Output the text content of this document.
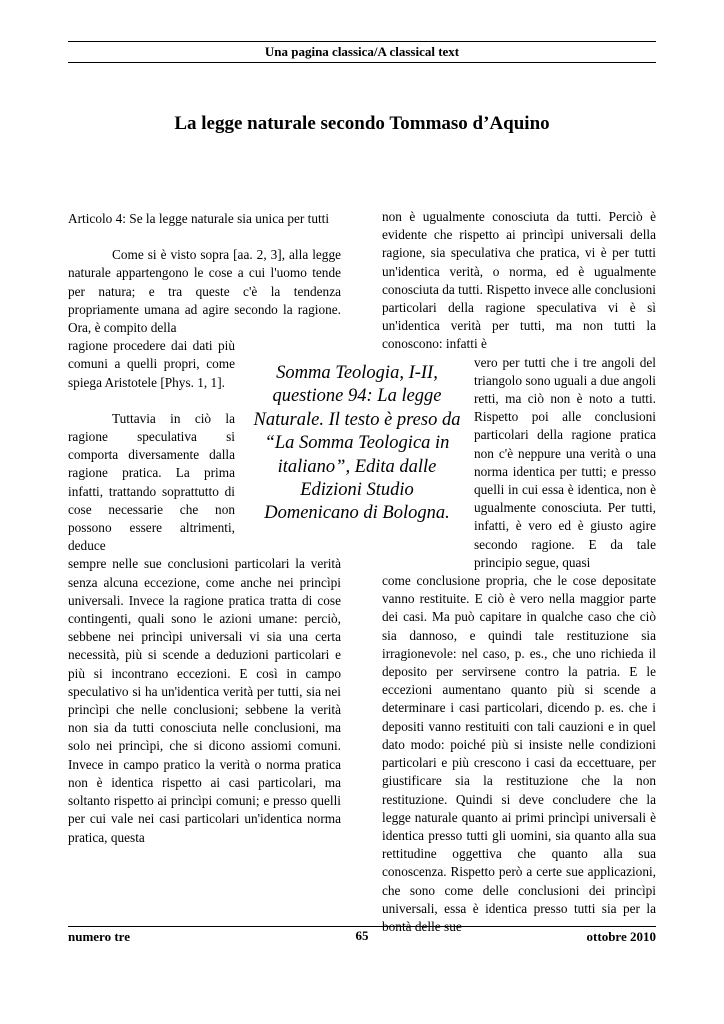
Una pagina classica/A classical text
La legge naturale secondo Tommaso d’Aquino

Articolo 4: Se la legge naturale sia unica per tutti

Come si è visto sopra [aa. 2, 3], alla legge naturale appartengono le cose a cui l'uomo tende per natura; e tra queste c'è la tendenza propriamente umana ad agire secondo la ragione. Ora, è compito della

ragione procedere dai dati più comuni a quelli propri, come spiega Aristotele [Phys. 1, 1].

Tuttavia in ciò la ragione speculativa si comporta diversamente dalla ragione pratica. La prima infatti, trattando soprattutto di cose necessarie che non possono essere altrimenti, deduce

sempre nelle sue conclusioni particolari la verità senza alcuna eccezione, come anche nei princìpi universali. Invece la ragione pratica tratta di cose contingenti, quali sono le azioni umane: perciò, sebbene nei princìpi universali vi sia una certa necessità, più si scende a deduzioni particolari e più si incontrano eccezioni. E così in campo speculativo si ha un'identica verità per tutti, sia nei princìpi che nelle conclusioni; sebbene la verità non sia da tutti conosciuta nelle conclusioni, ma solo nei princìpi, che si dicono assiomi comuni. Invece in campo pratico la verità o norma pratica non è identica rispetto ai casi particolari, ma soltanto rispetto ai princìpi comuni; e presso quelli per cui vale nei casi particolari un'identica norma pratica, questa

non è ugualmente conosciuta da tutti. Perciò è evidente che rispetto ai princìpi universali della ragione, sia speculativa che pratica, vi è per tutti un'identica verità, o norma, ed è ugualmente conosciuta da tutti. Rispetto invece alle conclusioni particolari della ragione speculativa vi è sì un'identica verità per tutti, ma non tutti la conoscono: infatti è

vero per tutti che i tre angoli del triangolo sono uguali a due angoli retti, ma ciò non è noto a tutti. Rispetto poi alle conclusioni particolari della ragione pratica non c'è neppure una verità o una norma identica per tutti; e presso quelli in cui essa è identica, non è ugualmente conosciuta. Per tutti, infatti, è vero ed è giusto agire secondo ragione. E da tale principio segue, quasi

come conclusione propria, che le cose depositate vanno restituite. E ciò è vero nella maggior parte dei casi. Ma può capitare in qualche caso che ciò sia dannoso, e quindi tale restituzione sia irragionevole: nel caso, p. es., che uno richieda il deposito per servirsene contro la patria. E le eccezioni aumentano quanto più si scende a determinare i casi particolari, dicendo p. es. che i depositi vanno restituiti con tali cauzioni e in quel dato modo: poiché più si insiste nelle condizioni particolari e più crescono i casi da eccettuare, per giustificare sia la restituzione che la non restituzione. Quindi si deve concludere che la legge naturale quanto ai primi princìpi universali è identica presso tutti gli uomini, sia quanto alla sua rettitudine oggettiva che quanto alla sua conoscenza. Rispetto però a certe sue applicazioni, che sono come delle conclusioni dei princìpi universali, essa è identica presso tutti sia per la bontà delle sue

Somma Teologia, I-II, questione 94: La legge Naturale. Il testo è preso da “La Somma Teologica in italiano”, Edita dalle Edizioni Studio Domenicano di Bologna.
numero tre	65	ottobre 2010
